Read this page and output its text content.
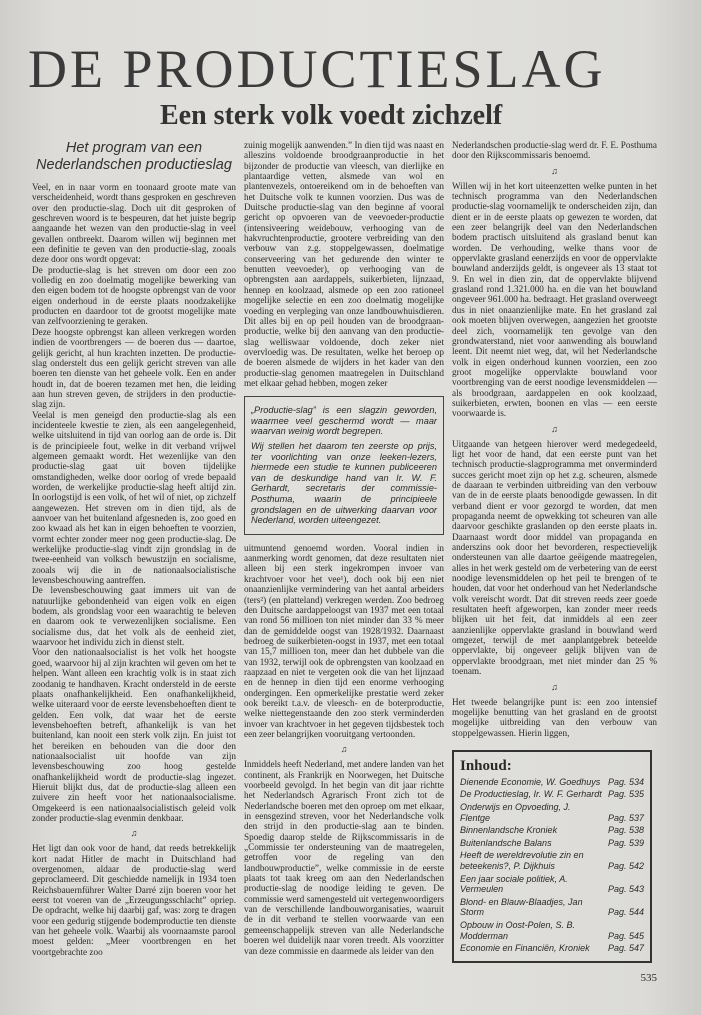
DE PRODUCTIESLAG
Een sterk volk voedt zichzelf
Het program van een Nederlandschen productieslag

Veel, en in naar vorm en toonaard groote mate van verscheidenheid, wordt thans gesproken en geschreven over den productie-slag. Doch uit dit gesproken of geschreven woord is te bespeuren, dat het juiste begrip aangaande het wezen van den productie-slag in veel gevallen ontbreekt. Daarom willen wij beginnen met een definitie te geven van den productie-slag, zooals deze door ons wordt opgevat:

De productie-slag is het streven om door een zoo volledig en zoo doelmatig mogelijke bewerking van den eigen bodem tot de hoogste opbrengst van de voor eigen onderhoud in de eerste plaats noodzakelijke producten en daardoor tot de grootst mogelijke mate van zelfvoorziening te geraken.

Deze hoogste opbrengst kan alleen verkregen worden indien de voortbrengers — de boeren dus — daartoe, gelijk gericht, al hun krachten inzetten. De productie-slag onderstelt dus een gelijk gericht streven van alle boeren ten dienste van het geheele volk. Een en ander houdt in, dat de boeren tezamen met hen, die leiding aan hun streven geven, de strijders in den productie-slag zijn.

Veelal is men geneigd den productie-slag als een incidenteele kwestie te zien, als een aangelegenheid, welke uitsluitend in tijd van oorlog aan de orde is. Dit is de principieele fout, welke in dit verband vrijwel algemeen gemaakt wordt. Het wezenlijke van den productie-slag gaat uit boven tijdelijke omstandigheden, welke door oorlog of vrede bepaald worden, de werkelijke productie-slag heeft altijd zin. In oorlogstijd is een volk, of het wil of niet, op zichzelf aangewezen. Het streven om in dien tijd, als de aanvoer van het buitenland afgesneden is, zoo goed en zoo kwaad als het kan in eigen behoeften te voorzien, vormt echter zonder meer nog geen productie-slag. De werkelijke productie-slag vindt zijn grondslag in de twee-eenheid van volksch bewustzijn en socialisme, zooals wij die in de nationaalsocialistische levensbeschouwing aantreffen.

De levensbeschouwing gaat immers uit van de natuurlijke gebondenheid van eigen volk en eigen bodem, als grondslag voor een waarachtig te beleven en daarom ook te verwezenlijken socialisme. Een socialisme dus, dat het volk als de eenheid ziet, waarvoor het individu zich in dienst stelt.

Voor den nationaalsocialist is het volk het hoogste goed, waarvoor hij al zijn krachten wil geven om het te helpen. Want alleen een krachtig volk is in staat zich zoodanig te handhaven. Kracht ondersteld in de eerste plaats onafhankelijkheid. Een onafhankelijkheid, welke uiteraard voor de eerste levensbehoeften dient te gelden. Een volk, dat waar het de eerste levensbehoeften betreft, afhankelijk is van het buitenland, kan nooit een sterk volk zijn. En juist tot het bereiken en behouden van die door den nationaalsocialist uit hoofde van zijn levensbeschouwing zoo hoog gestelde onafhankelijkheid wordt de productie-slag ingezet. Hieruit blijkt dus, dat de productie-slag alleen een zuivere zin heeft voor het nationaalsocialisme. Omgekeerd is een nationaalsocialistisch geleid volk zonder productie-slag evenmin denkbaar.

♫

Het ligt dan ook voor de hand, dat reeds betrekkelijk kort nadat Hitler de macht in Duitschland had overgenomen, aldaar de productie-slag werd geproclameerd. Dit geschiedde namelijk in 1934 toen Reichsbauernführer Walter Darré zijn boeren voor het eerst tot voeren van de „Erzeugungsschlacht” opriep. De opdracht, welke hij daarbij gaf, was: zorg te dragen voor een gedurig stijgende bodemproductie ten dienste van het geheele volk. Waarbij als voornaamste parool moest gelden: „Meer voortbrengen en het voortgebrachte zoo

zuinig mogelijk aanwenden.” In dien tijd was naast en alleszins voldoende broodgraanproductie in het bijzonder de productie van vleesch, van dierlijke en plantaardige vetten, alsmede van wol en plantenvezels, ontoereikend om in de behoeften van het Duitsche volk te kunnen voorzien. Dus was de Duitsche productie-slag van den beginne af vooral gericht op opvoeren van de veevoeder-productie (intensiveering weidebouw, verhooging van de hakvruchtenproductie, grootere verbreiding van den verbouw van z.g. stoppelgewassen, doelmatige conserveering van het gedurende den winter te benutten veevoeder), op verhooging van de opbrengsten aan aardappels, suikerbieten, lijnzaad, hennep en koolzaad, alsmede op een zoo rationeel mogelijke selectie en een zoo doelmatig mogelijke voeding en verpleging van onze landbouwhuisdieren. Dit alles bij en op peil houden van de broodgraan-productie, welke bij den aanvang van den productie-slag welliswaar voldoende, doch zeker niet overvloedig was. De resultaten, welke het beroep op de boeren alsmede de wijders in het kader van den productie-slag genomen maatregelen in Duitschland met elkaar gehad hebben, mogen zeker

„Productie-slag” is een slagzin geworden, waarmee veel geschermd wordt — maar waarvan weinig wordt begrepen.

Wij stellen het daarom ten zeerste op prijs, ter voorlichting van onze leeken-lezers, hiermede een studie te kunnen publiceeren van de deskundige hand van Ir. W. F. Gerhardt, secretaris der commissie-Posthuma, waarin de principieele grondslagen en de uitwerking daarvan voor Nederland, worden uiteengezet.

uitmuntend genoemd worden. Vooral indien in aanmerking wordt genomen, dat deze resultaten niet alleen bij een sterk ingekrompen invoer van krachtvoer voor het vee¹), doch ook bij een niet onaanzienlijke vermindering van het aantal arbeiders (ters²) (en platteland) verkregen werden. Zoo bedroeg den Duitsche aardappeloogst van 1937 met een totaal van rond 56 millioen ton niet minder dan 33 % meer dan de gemiddelde oogst van 1928/1932. Daarnaast bedroeg de suikerbieten-oogst in 1937, met een totaal van 15,7 millioen ton, meer dan het dubbele van die van 1932, terwijl ook de opbrengsten van koolzaad en raapzaad en niet te vergeten ook die van het lijnzaad en de hennep in dien tijd een enorme verhooging ondergingen. Een opmerkelijke prestatie werd zeker ook bereikt t.a.v. de vleesch- en de boterproductie, welke niettegenstaande den zoo sterk verminderden invoer van krachtvoer in het gegeven tijdsbestek toch een zeer belangrijken vooruitgang vertoonden.

♫

Inmiddels heeft Nederland, met andere landen van het continent, als Frankrijk en Noorwegen, het Duitsche voorbeeld gevolgd. In het begin van dit jaar richtte het Nederlandsch Agrarisch Front zich tot de Nederlandsche boeren met den oproep om met elkaar, in eensgezind streven, voor het Nederlandsche volk den strijd in den productie-slag aan te binden. Spoedig daarop stelde de Rijkscommissaris in de „Commissie ter ondersteuning van de maatregelen, getroffen voor de regeling van den landbouwproductie”, welke commissie in de eerste plaats tot taak kreeg om aan den Nederlandschen productie-slag de noodige leiding te geven. De commissie werd samengesteld uit vertegenwoordigers van de verschillende landbouworganisaties, waaruit de in dit verband te stellen voorwaarde van een gemeenschappelijk streven van alle Nederlandsche boeren wel duidelijk naar voren treedt. Als voorzitter van deze commissie en daarmede als leider van den

Nederlandschen productie-slag werd dr. F. E. Posthuma door den Rijkscommissaris benoemd.

♫

Willen wij in het kort uiteenzetten welke punten in het technisch programma van den Nederlandschen productie-slag voornamelijk te onderscheiden zijn, dan dient er in de eerste plaats op gewezen te worden, dat een zeer belangrijk deel van den Nederlandschen bodem practisch uitsluitend als grasland benut kan worden. De verhouding, welke thans voor de oppervlakte grasland eenerzijds en voor de oppervlakte bouwland anderzijds geldt, is ongeveer als 13 staat tot 9. En wel in dien zin, dat de oppervlakte blijvend grasland rond 1.321.000 ha. en die van het bouwland ongeveer 961.000 ha. bedraagt. Het grasland overweegt dus in niet onaanzienlijke mate. En het grasland zal ook moeten blijven overwegen, aangezien het grootste deel zich, voornamelijk ten gevolge van den grondwaterstand, niet voor aanwending als bouwland leent. Dit neemt niet weg, dat, wil het Nederlandsche volk in eigen onderhoud kunnen voorzien, een zoo groot mogelijke oppervlakte bouwland voor voortbrenging van de eerst noodige levensmiddelen — als broodgraan, aardappelen en ook koolzaad, suikerbieten, erwten, boonen en vlas — een eerste voorwaarde is.

♫

Uitgaande van hetgeen hierover werd medegedeeld, ligt het voor de hand, dat een eerste punt van het technisch productie-slagprogramma met onverminderd succes gericht moet zijn op het z.g. scheuren, alsmede de daaraan te verbinden uitbreiding van den verbouw van de in de eerste plaats benoodigde gewassen. In dit verband dient er voor gezorgd te worden, dat men propaganda neemt de opwekking tot scheuren van alle daarvoor geschikte graslanden op den eerste plaats in. Daarnaast wordt door middel van propaganda en anderszins ook door het bevorderen, respectievelijk ondersteunen van alle daartoe geëigende maatregelen, alles in het werk gesteld om de verbetering van de eerst noodige levensmiddelen op het peil te brengen of te houden, dat voor het onderhoud van het Nederlandsche volk vereischt wordt. Dat dit streven reeds zeer goede resultaten heeft afgeworpen, kan zonder meer reeds blijken uit het feit, dat inmiddels al een zeer aanzienlijke oppervlakte grasland in bouwland werd omgezet, terwijl de met aanplantgebrek beteelde oppervlakte, bij ongeveer gelijk blijven van de oppervlakte broodgraan, met niet minder dan 25 % toenam.

♫

Het tweede belangrijke punt is: een zoo intensief mogelijke benutting van het grasland en de grootst mogelijke uitbreiding van den verbouw van stoppelgewassen. Hierin liggen,

Inhoud:
Dienende Economie, W. Goedhuys Pag. 534
De Productieslag, Ir. W. F. Gerhardt Pag. 535
Onderwijs en Opvoeding, J. Flentge	Pag. 537
Binnenlandsche Kroniek	Pag. 538
Buitenlandsche Balans	Pag. 539
Heeft de wereldrevolutie zin en beteekenis?, P. Dijkhuis	Pag. 542
Een jaar sociale politiek, A. Vermeulen	Pag. 543
Blond- en Blauw-Blaadjes, Jan Storm	Pag. 544
Opbouw in Oost-Polen, S. B. Modderman	Pag. 545
Economie en Financiën, Kroniek	Pag. 547
535
